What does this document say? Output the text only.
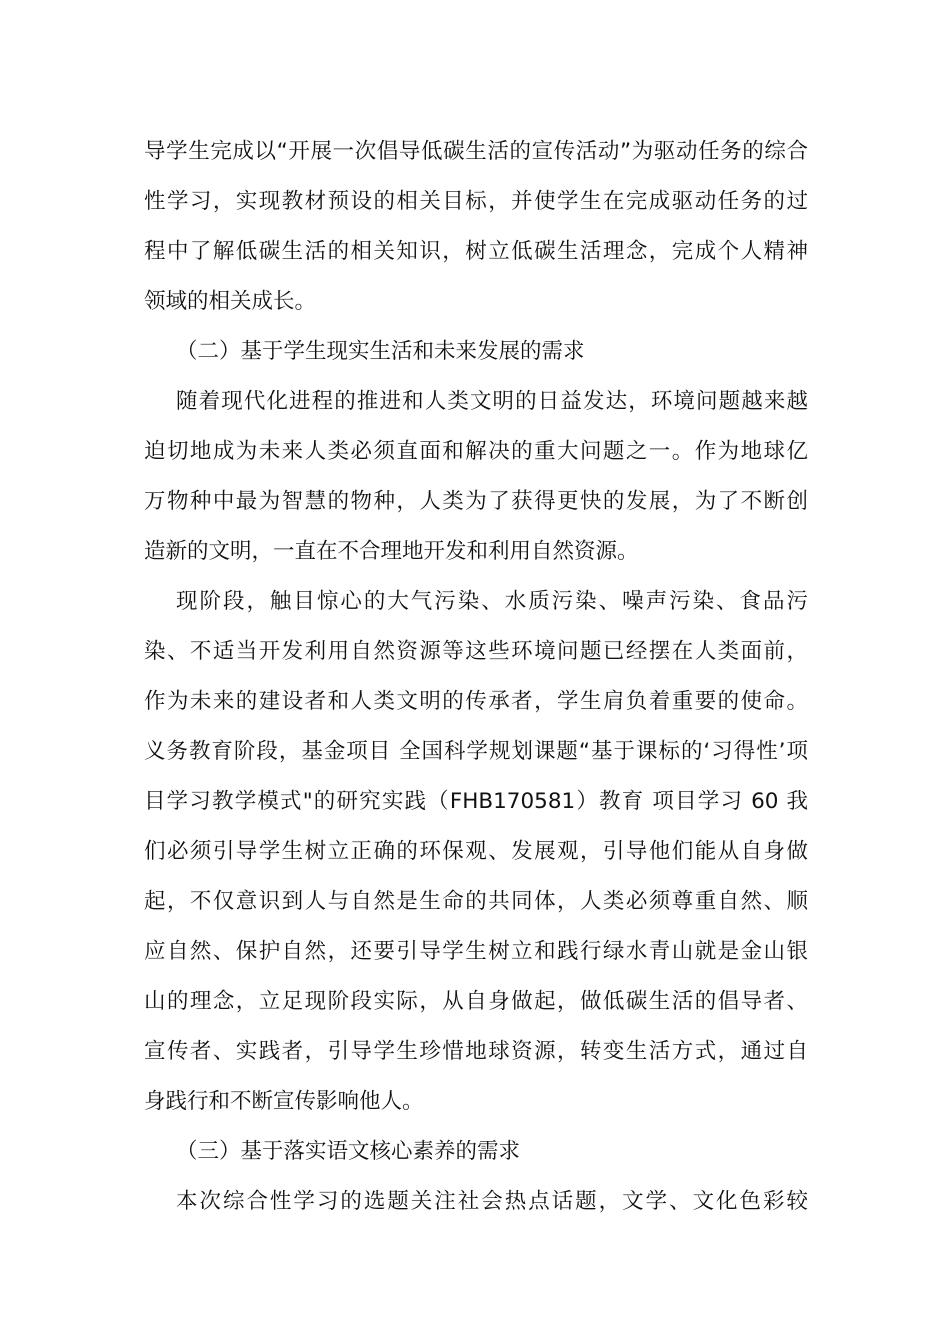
导学生完成以“开展一次倡导低碳生活的宣传活动”为驱动任务的综合
性学习，实现教材预设的相关目标，并使学生在完成驱动任务的过
程中了解低碳生活的相关知识，树立低碳生活理念，完成个人精神
领域的相关成长。
（二）基于学生现实生活和未来发展的需求
随着现代化进程的推进和人类文明的日益发达，环境问题越来越
迫切地成为未来人类必须直面和解决的重大问题之一。作为地球亿
万物种中最为智慧的物种，人类为了获得更快的发展，为了不断创
造新的文明，一直在不合理地开发和利用自然资源。
现阶段，触目惊心的大气污染、水质污染、噪声污染、食品污
染、不适当开发利用自然资源等这些环境问题已经摆在人类面前，
作为未来的建设者和人类文明的传承者，学生肩负着重要的使命。
义务教育阶段，基金项目 全国科学规划课题“基于课标的‘习得性’项
目学习教学模式"的研究实践（FHB170581）教育 项目学习 60 我
们必须引导学生树立正确的环保观、发展观，引导他们能从自身做
起，不仅意识到人与自然是生命的共同体，人类必须尊重自然、顺
应自然、保护自然，还要引导学生树立和践行绿水青山就是金山银
山的理念，立足现阶段实际，从自身做起，做低碳生活的倡导者、
宣传者、实践者，引导学生珍惜地球资源，转变生活方式，通过自
身践行和不断宣传影响他人。
（三）基于落实语文核心素养的需求
本次综合性学习的选题关注社会热点话题，文学、文化色彩较
